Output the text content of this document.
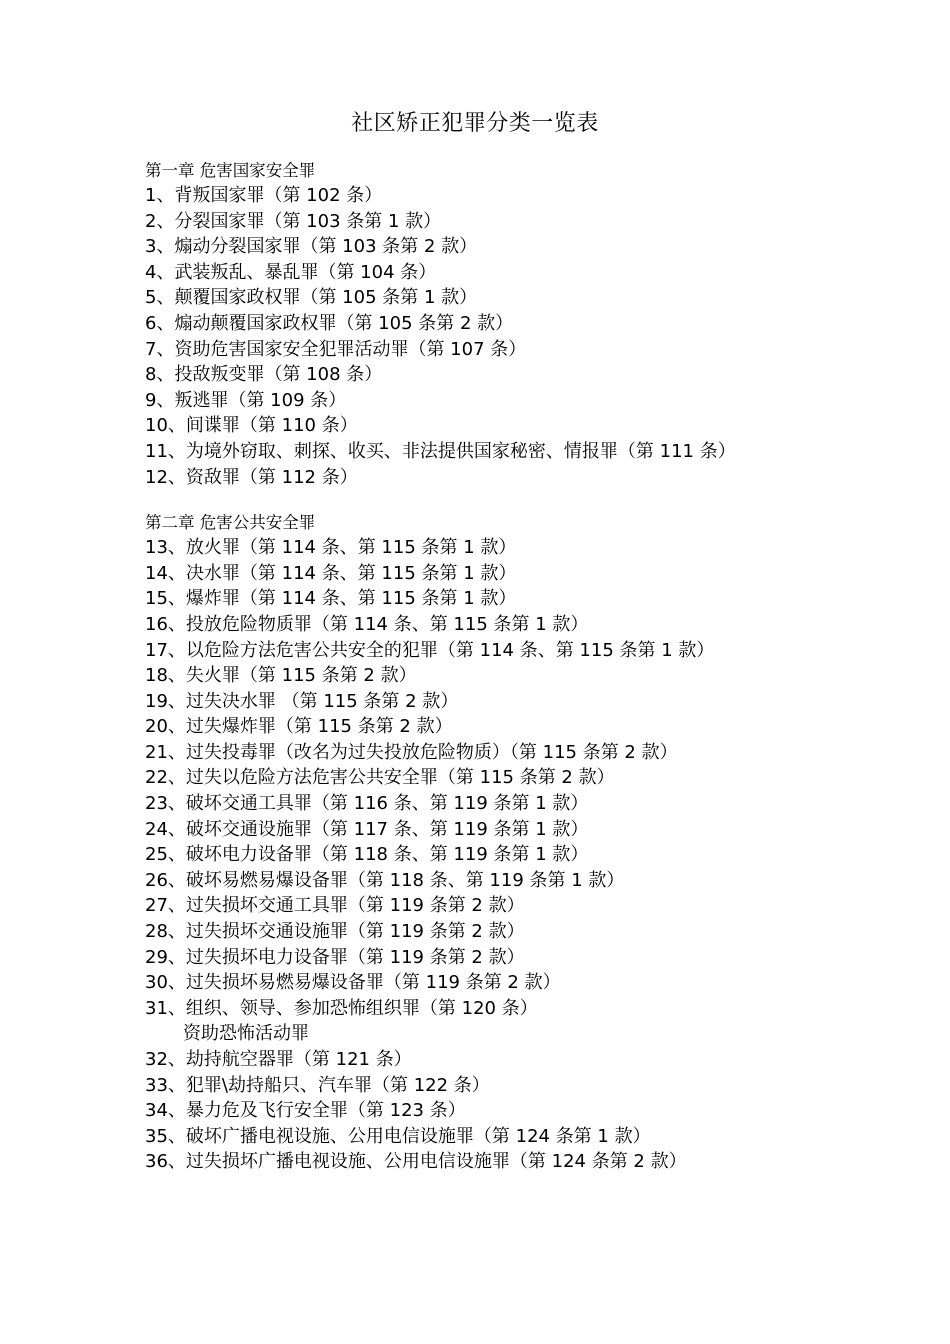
社区矫正犯罪分类一览表
第一章 危害国家安全罪
1、背叛国家罪（第 102 条）
2、分裂国家罪（第 103 条第 1 款）
3、煽动分裂国家罪（第 103 条第 2 款）
4、武装叛乱、暴乱罪（第 104 条）
5、颠覆国家政权罪（第 105 条第 1 款）
6、煽动颠覆国家政权罪（第 105 条第 2 款）
7、资助危害国家安全犯罪活动罪（第 107 条）
8、投敌叛变罪（第 108 条）
9、叛逃罪（第 109 条）
10、间谍罪（第 110 条）
11、为境外窃取、刺探、收买、非法提供国家秘密、情报罪（第 111 条）
12、资敌罪（第 112 条）
第二章 危害公共安全罪
13、放火罪（第 114 条、第 115 条第 1 款）
14、决水罪（第 114 条、第 115 条第 1 款）
15、爆炸罪（第 114 条、第 115 条第 1 款）
16、投放危险物质罪（第 114 条、第 115 条第 1 款）
17、以危险方法危害公共安全的犯罪（第 114 条、第 115 条第 1 款）
18、失火罪（第 115 条第 2 款）
19、过失决水罪 （第 115 条第 2 款）
20、过失爆炸罪（第 115 条第 2 款）
21、过失投毒罪（改名为过失投放危险物质）（第 115 条第 2 款）
22、过失以危险方法危害公共安全罪（第 115 条第 2 款）
23、破坏交通工具罪（第 116 条、第 119 条第 1 款）
24、破坏交通设施罪（第 117 条、第 119 条第 1 款）
25、破坏电力设备罪（第 118 条、第 119 条第 1 款）
26、破坏易燃易爆设备罪（第 118 条、第 119 条第 1 款）
27、过失损坏交通工具罪（第 119 条第 2 款）
28、过失损坏交通设施罪（第 119 条第 2 款）
29、过失损坏电力设备罪（第 119 条第 2 款）
30、过失损坏易燃易爆设备罪（第 119 条第 2 款）
31、组织、领导、参加恐怖组织罪（第 120 条）
资助恐怖活动罪
32、劫持航空器罪（第 121 条）
33、犯罪\劫持船只、汽车罪（第 122 条）
34、暴力危及飞行安全罪（第 123 条）
35、破坏广播电视设施、公用电信设施罪（第 124 条第 1 款）
36、过失损坏广播电视设施、公用电信设施罪（第 124 条第 2 款）
